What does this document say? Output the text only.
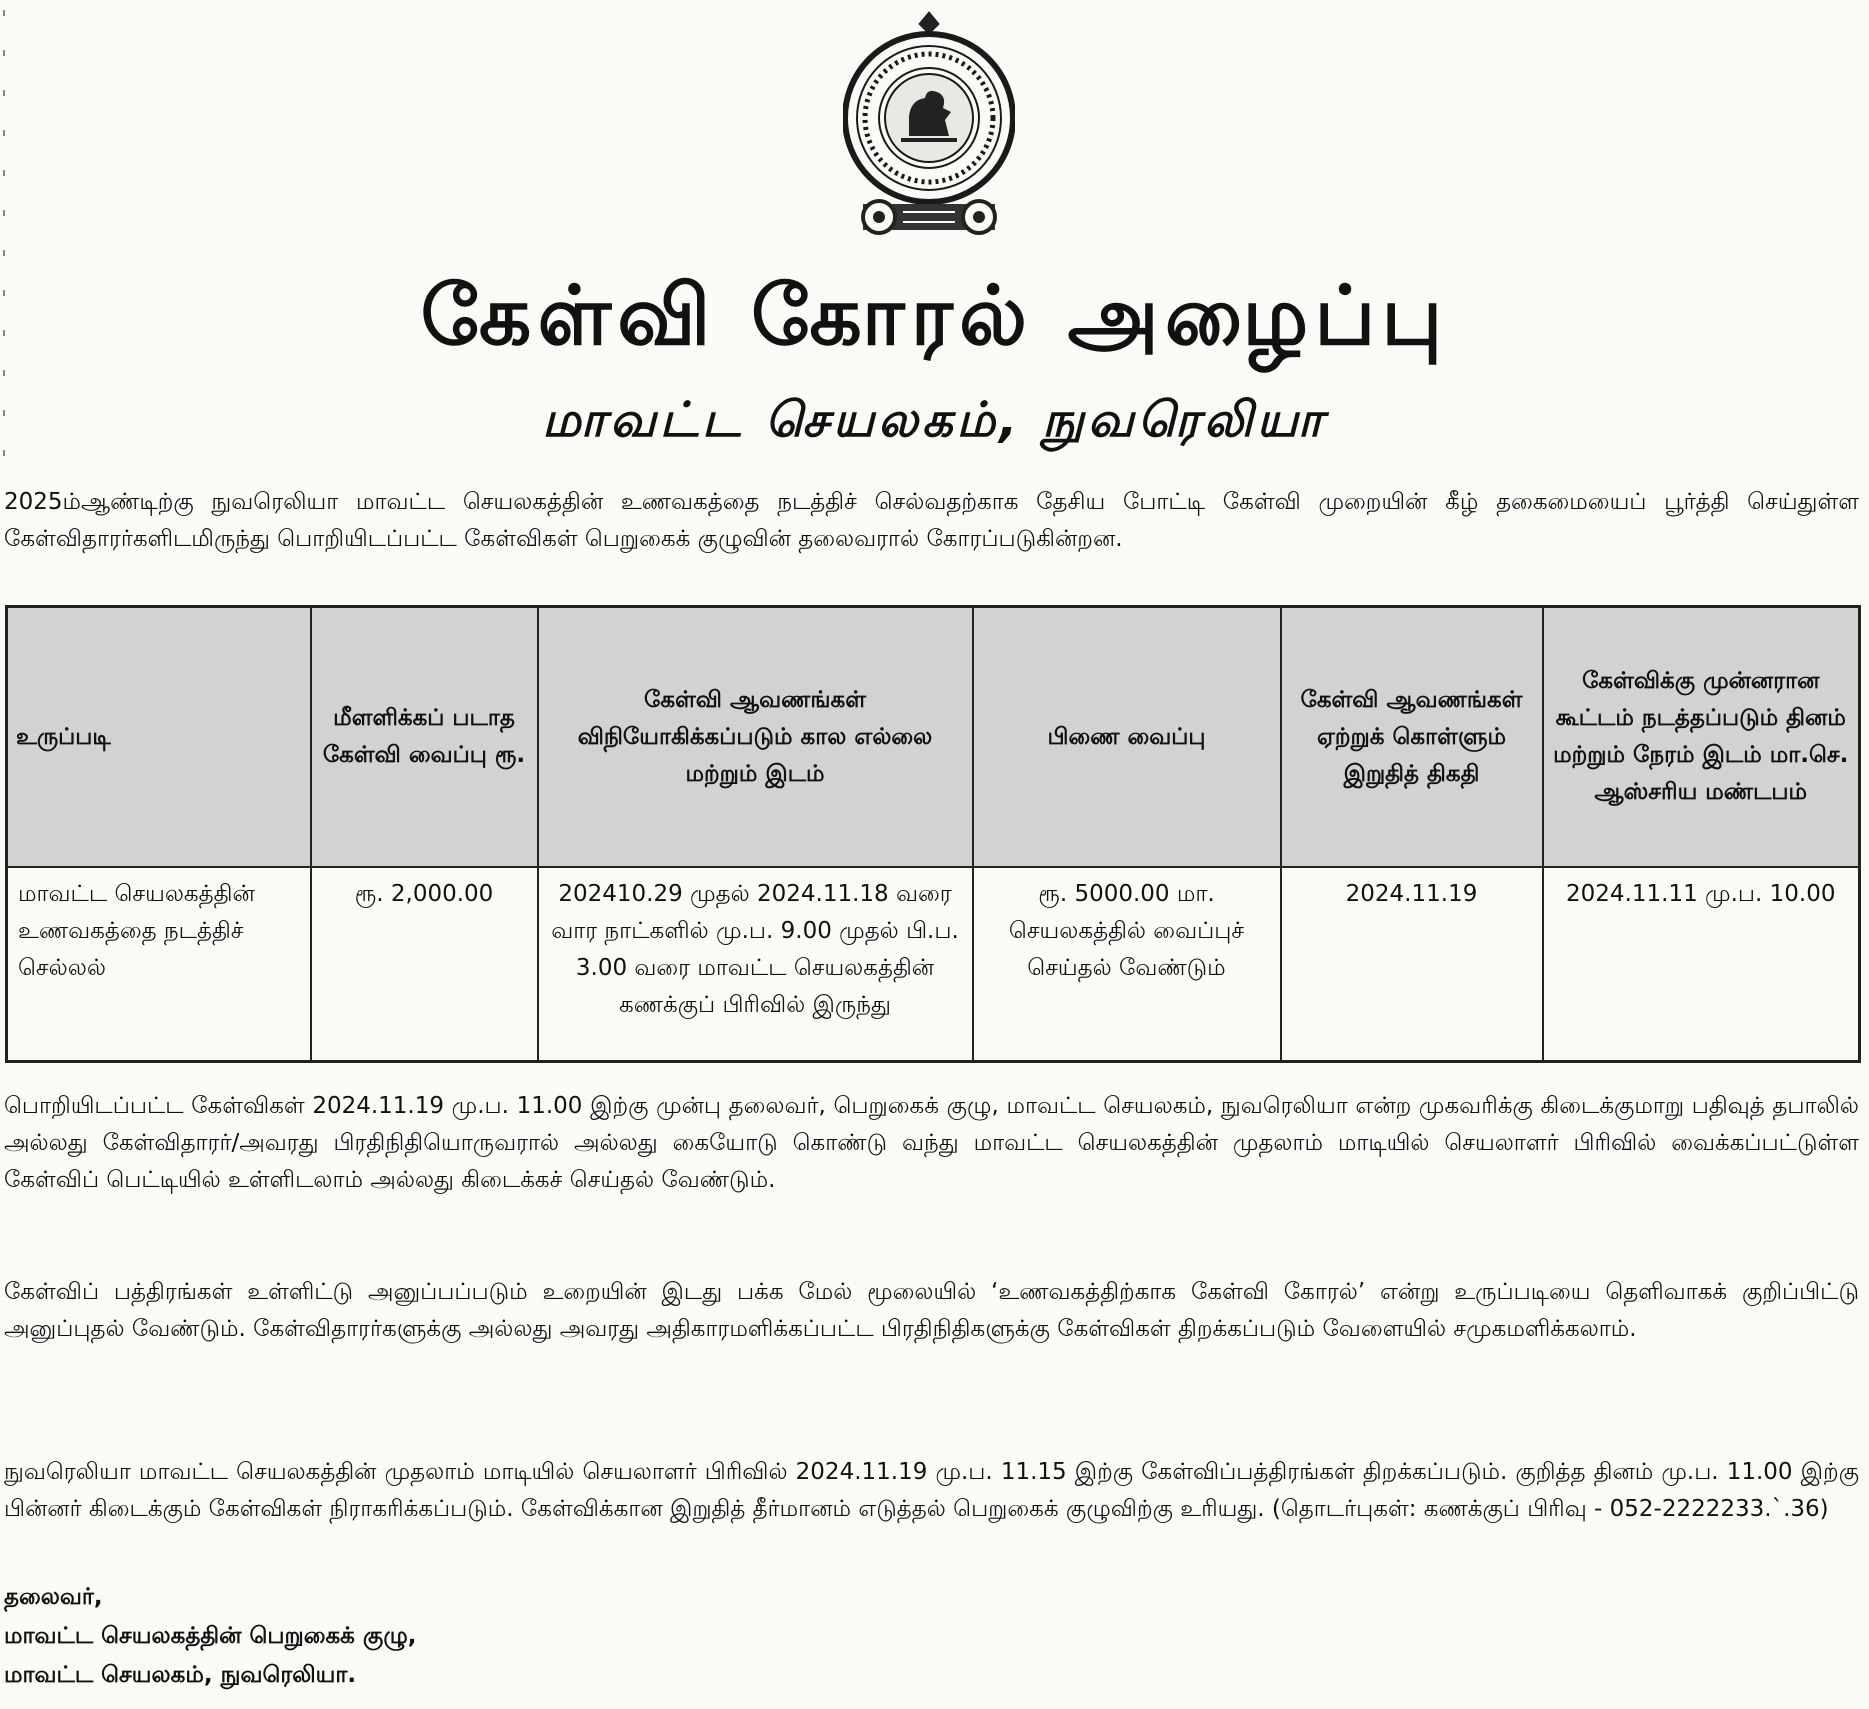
கேள்வி கோரல் அழைப்பு
மாவட்ட செயலகம், நுவரெலியா
2025ம்ஆண்டிற்கு நுவரெலியா மாவட்ட செயலகத்தின் உணவகத்தை நடத்திச் செல்வதற்காக தேசிய போட்டி கேள்வி முறையின் கீழ் தகைமையைப் பூர்த்தி செய்துள்ள கேள்விதாரர்களிடமிருந்து பொறியிடப்பட்ட கேள்விகள் பெறுகைக் குழுவின் தலைவரால் கோரப்படுகின்றன.
உருப்படி	மீளளிக்கப் படாத கேள்வி வைப்பு ரூ.	கேள்வி ஆவணங்கள் விநியோகிக்கப்படும் கால எல்லை மற்றும் இடம்	பிணை வைப்பு	கேள்வி ஆவணங்கள் ஏற்றுக் கொள்ளும் இறுதித் திகதி	கேள்விக்கு முன்னரான கூட்டம் நடத்தப்படும் தினம் மற்றும் நேரம் இடம் மா.செ. ஆஸ்சரிய மண்டபம்
மாவட்ட செயலகத்தின் உணவகத்தை நடத்திச் செல்லல்	ரூ. 2,000.00	202410.29 முதல் 2024.11.18 வரை வார நாட்களில் மு.ப. 9.00 முதல் பி.ப. 3.00 வரை மாவட்ட செயலகத்தின் கணக்குப் பிரிவில் இருந்து	ரூ. 5000.00 மா. செயலகத்தில் வைப்புச் செய்தல் வேண்டும்	2024.11.19	2024.11.11 மு.ப. 10.00
பொறியிடப்பட்ட கேள்விகள் 2024.11.19 மு.ப. 11.00 இற்கு முன்பு தலைவர், பெறுகைக் குழு, மாவட்ட செயலகம், நுவரெலியா என்ற முகவரிக்கு கிடைக்குமாறு பதிவுத் தபாலில் அல்லது கேள்விதாரர்/அவரது பிரதிநிதியொருவரால் அல்லது கையோடு கொண்டு வந்து மாவட்ட செயலகத்தின் முதலாம் மாடியில் செயலாளர் பிரிவில் வைக்கப்பட்டுள்ள கேள்விப் பெட்டியில் உள்ளிடலாம் அல்லது கிடைக்கச் செய்தல் வேண்டும்.
கேள்விப் பத்திரங்கள் உள்ளிட்டு அனுப்பப்படும் உறையின் இடது பக்க மேல் மூலையில் ‘உணவகத்திற்காக கேள்வி கோரல்’ என்று உருப்படியை தெளிவாகக் குறிப்பிட்டு அனுப்புதல் வேண்டும். கேள்விதாரர்களுக்கு அல்லது அவரது அதிகாரமளிக்கப்பட்ட பிரதிநிதிகளுக்கு கேள்விகள் திறக்கப்படும் வேளையில் சமுகமளிக்கலாம்.
நுவரெலியா மாவட்ட செயலகத்தின் முதலாம் மாடியில் செயலாளர் பிரிவில் 2024.11.19 மு.ப. 11.15 இற்கு கேள்விப்பத்திரங்கள் திறக்கப்படும். குறித்த தினம் மு.ப. 11.00 இற்கு பின்னர் கிடைக்கும் கேள்விகள் நிராகரிக்கப்படும். கேள்விக்கான இறுதித் தீர்மானம் எடுத்தல் பெறுகைக் குழுவிற்கு உரியது. (தொடர்புகள்: கணக்குப் பிரிவு - 052-2222233.`.36)
தலைவர்,
மாவட்ட செயலகத்தின் பெறுகைக் குழு,
மாவட்ட செயலகம், நுவரெலியா.
